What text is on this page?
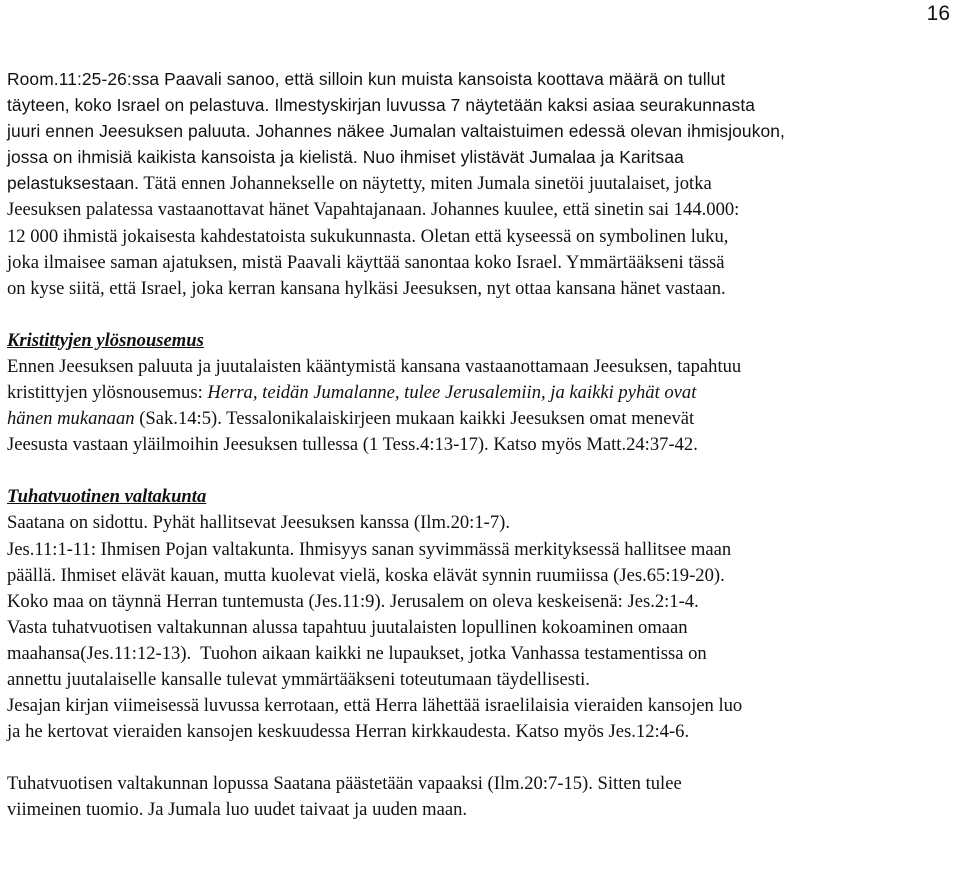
16
Room.11:25-26:ssa Paavali sanoo, että silloin kun muista kansoista koottava määrä on tullut
täyteen, koko Israel on pelastuva. Ilmestyskirjan luvussa 7 näytetään kaksi asiaa seurakunnasta
juuri ennen Jeesuksen paluuta. Johannes näkee Jumalan valtaistuimen edessä olevan ihmisjoukon,
jossa on ihmisiä kaikista kansoista ja kielistä. Nuo ihmiset ylistävät Jumalaa ja Karitsaa
pelastuksestaan. Tätä ennen Johannekselle on näytetty, miten Jumala sinetöi juutalaiset, jotka
Jeesuksen palatessa vastaanottavat hänet Vapahtajanaan. Johannes kuulee, että sinetin sai 144.000:
12 000 ihmistä jokaisesta kahdestatoista sukukunnasta. Oletan että kyseessä on symbolinen luku,
joka ilmaisee saman ajatuksen, mistä Paavali käyttää sanontaa koko Israel. Ymmärtääkseni tässä
on kyse siitä, että Israel, joka kerran kansana hylkäsi Jeesuksen, nyt ottaa kansana hänet vastaan.
Kristittyjen ylösnousemus
Ennen Jeesuksen paluuta ja juutalaisten kääntymistä kansana vastaanottamaan Jeesuksen, tapahtuu
kristittyjen ylösnousemus: Herra, teidän Jumalanne, tulee Jerusalemiin, ja kaikki pyhät ovat
hänen mukanaan (Sak.14:5). Tessalonikalaiskirjeen mukaan kaikki Jeesuksen omat menevät
Jeesusta vastaan yläilmoihin Jeesuksen tullessa (1 Tess.4:13-17). Katso myös Matt.24:37-42.
Tuhatvuotinen valtakunta
Saatana on sidottu. Pyhät hallitsevat Jeesuksen kanssa (Ilm.20:1-7).
Jes.11:1-11: Ihmisen Pojan valtakunta. Ihmisyys sanan syvimmässä merkityksessä hallitsee maan
päällä. Ihmiset elävät kauan, mutta kuolevat vielä, koska elävät synnin ruumiissa (Jes.65:19-20).
Koko maa on täynnä Herran tuntemusta (Jes.11:9). Jerusalem on oleva keskeisenä: Jes.2:1-4.
Vasta tuhatvuotisen valtakunnan alussa tapahtuu juutalaisten lopullinen kokoaminen omaan
maahansa(Jes.11:12-13).  Tuohon aikaan kaikki ne lupaukset, jotka Vanhassa testamentissa on
annettu juutalaiselle kansalle tulevat ymmärtääkseni toteutumaan täydellisesti.
Jesajan kirjan viimeisessä luvussa kerrotaan, että Herra lähettää israelilaisia vieraiden kansojen luo
ja he kertovat vieraiden kansojen keskuudessa Herran kirkkaudesta. Katso myös Jes.12:4-6.
Tuhatvuotisen valtakunnan lopussa Saatana päästetään vapaaksi (Ilm.20:7-15). Sitten tulee
viimeinen tuomio. Ja Jumala luo uudet taivaat ja uuden maan.
